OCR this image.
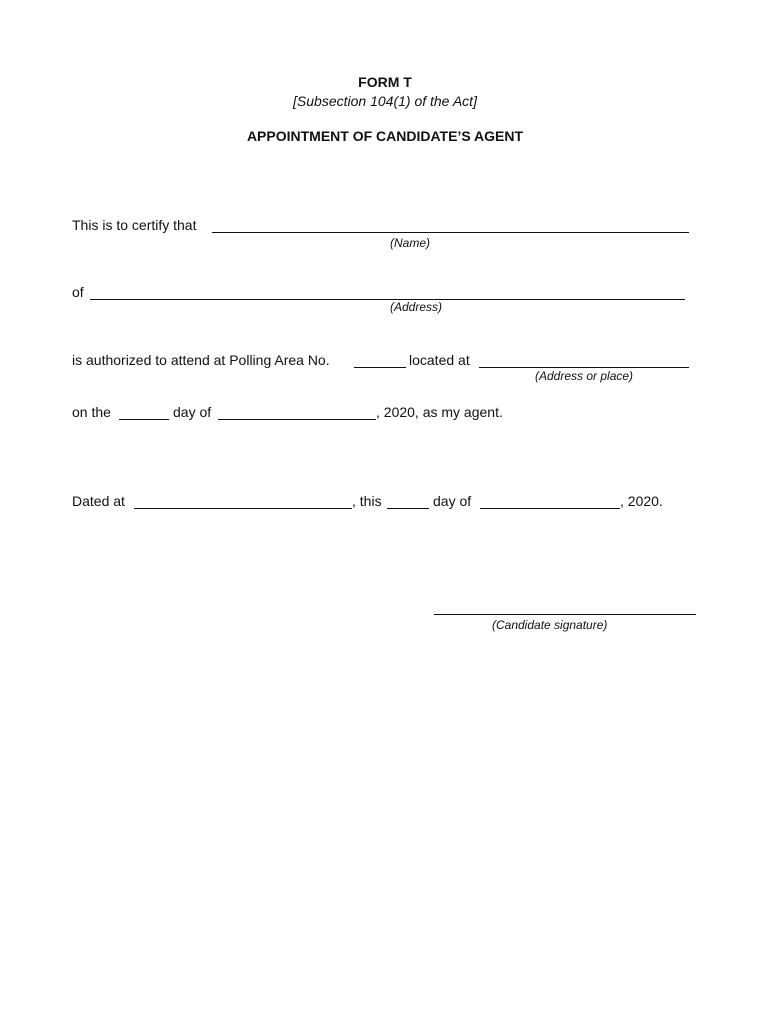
FORM T
[Subsection 104(1) of the Act]
APPOINTMENT OF CANDIDATE’S AGENT
This is to certify that
(Name)
of
(Address)
is authorized to attend at Polling Area No.	located at
(Address or place)
on the	day of	, 2020, as my agent.
Dated at	, this	day of	, 2020.
(Candidate signature)
